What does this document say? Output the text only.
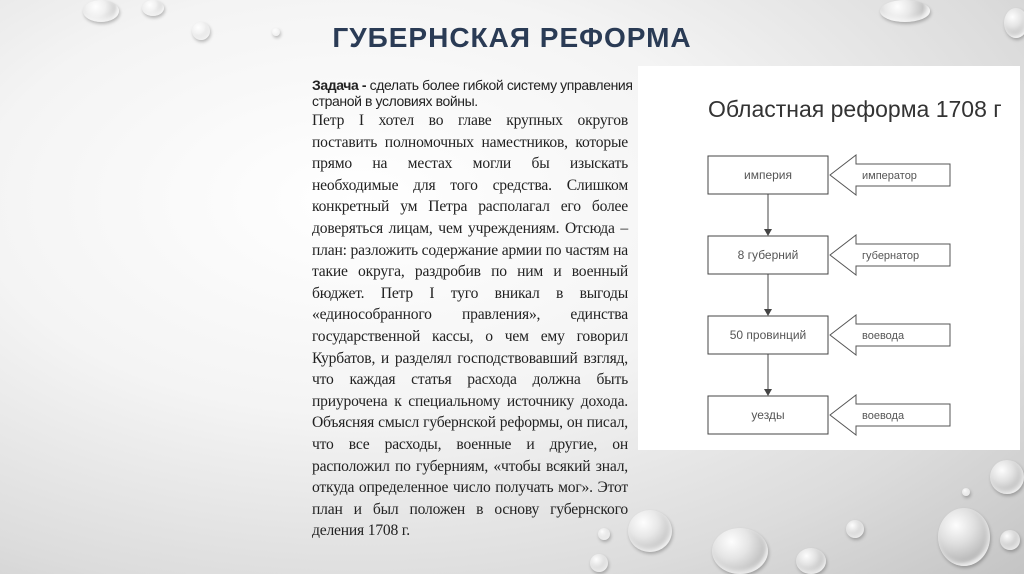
ГУБЕРНСКАЯ РЕФОРМА
Задача - сделать более гибкой систему управления страной в условиях войны.
Петр I хотел во главе крупных округов поставить полномочных наместников, которые прямо на местах могли бы изыскать необходимые для того средства. Слишком конкретный ум Петра располагал его более доверяться лицам, чем учреждениям. Отсюда – план: разложить содержание армии по частям на такие округа, раздробив по ним и военный бюджет. Петр I туго вникал в выгоды «единособранного правления», единства государственной кассы, о чем ему говорил Курбатов, и разделял господствовавший взгляд, что каждая статья расхода должна быть приурочена к специальному источнику дохода. Объясняя смысл губернской реформы, он писал, что все расходы, военные и другие, он расположил по губерниям, «чтобы всякий знал, откуда определенное число получать мог». Этот план и был положен в основу губернского деления 1708 г.
Областная реформа 1708 г
империя	император
8 губерний	губернатор
50 провинций	воевода
уезды	воевода
